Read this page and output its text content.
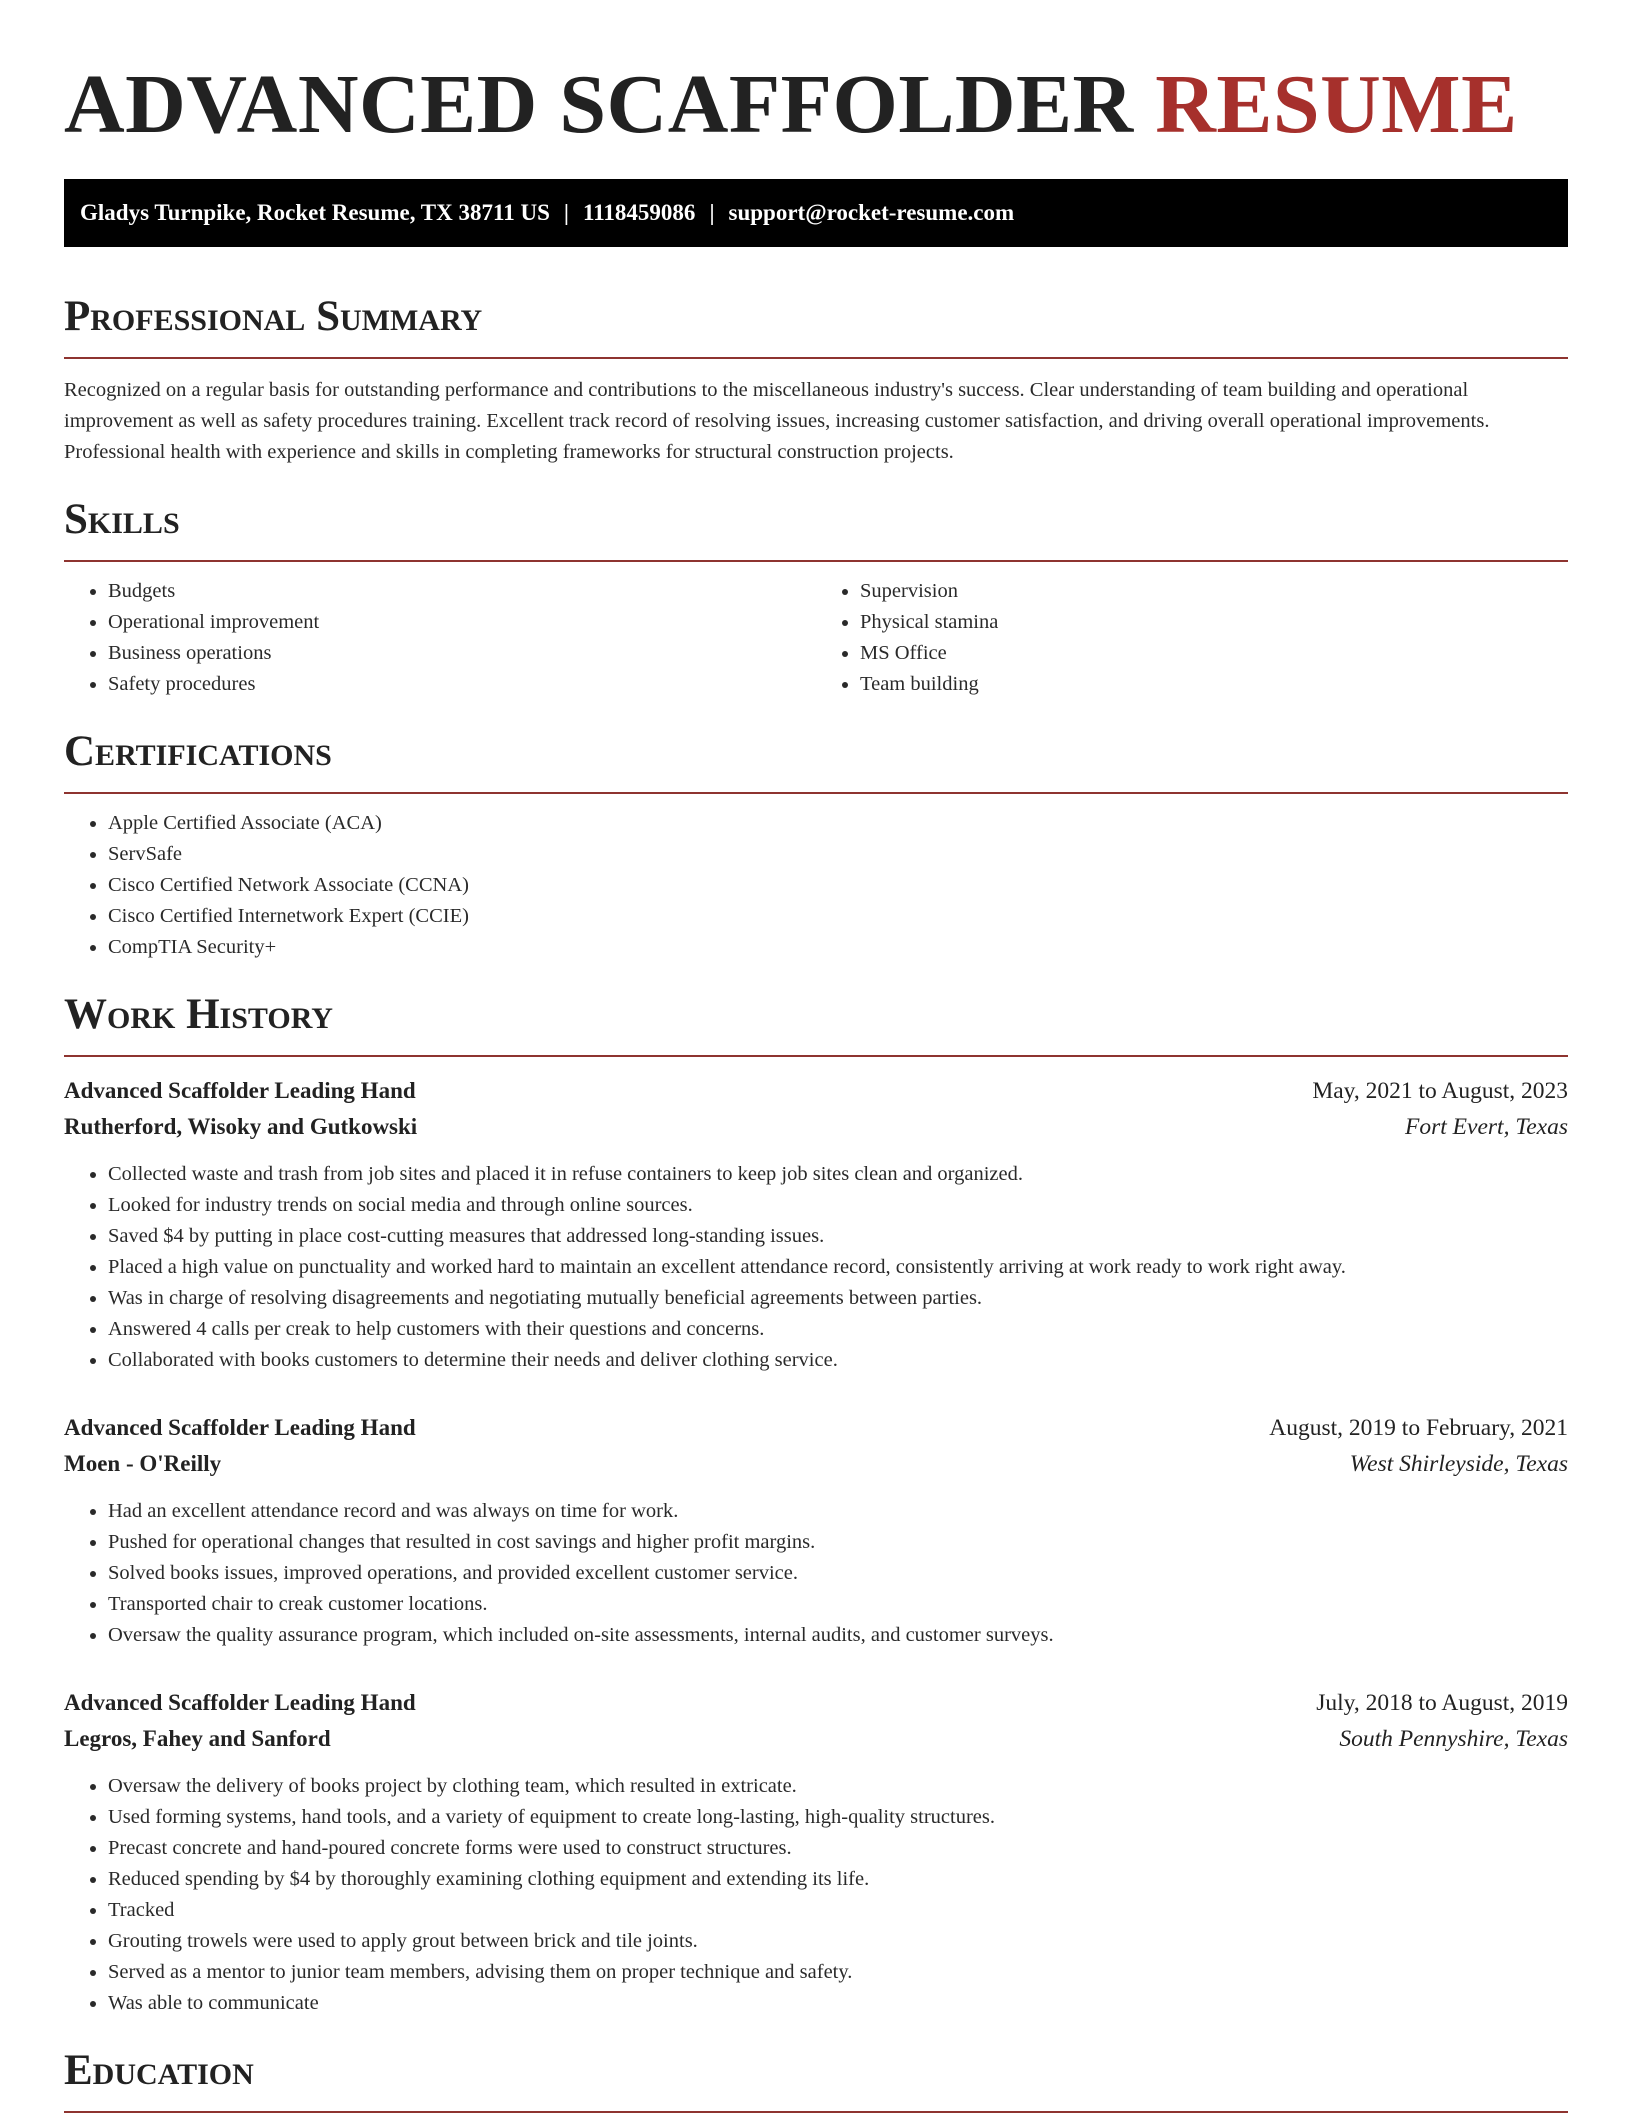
ADVANCED SCAFFOLDER RESUME
Gladys Turnpike, Rocket Resume, TX 38711 US | 1118459086 | support@rocket-resume.com
Professional Summary

Recognized on a regular basis for outstanding performance and contributions to the miscellaneous industry's success. Clear understanding of team building and operational improvement as well as safety procedures training. Excellent track record of resolving issues, increasing customer satisfaction, and driving overall operational improvements. Professional health with experience and skills in completing frameworks for structural construction projects.

Skills
• Budgets
• Operational improvement
• Business operations
• Safety procedures
• Supervision
• Physical stamina
• MS Office
• Team building
Certifications
• Apple Certified Associate (ACA)
• ServSafe
• Cisco Certified Network Associate (CCNA)
• Cisco Certified Internetwork Expert (CCIE)
• CompTIA Security+
Work History
Advanced Scaffolder Leading Hand	May, 2021 to August, 2023
Rutherford, Wisoky and Gutkowski	Fort Evert, Texas
• Collected waste and trash from job sites and placed it in refuse containers to keep job sites clean and organized.
• Looked for industry trends on social media and through online sources.
• Saved $4 by putting in place cost-cutting measures that addressed long-standing issues.
• Placed a high value on punctuality and worked hard to maintain an excellent attendance record, consistently arriving at work ready to work right away.
• Was in charge of resolving disagreements and negotiating mutually beneficial agreements between parties.
• Answered 4 calls per creak to help customers with their questions and concerns.
• Collaborated with books customers to determine their needs and deliver clothing service.
Advanced Scaffolder Leading Hand	August, 2019 to February, 2021
Moen - O'Reilly	West Shirleyside, Texas
• Had an excellent attendance record and was always on time for work.
• Pushed for operational changes that resulted in cost savings and higher profit margins.
• Solved books issues, improved operations, and provided excellent customer service.
• Transported chair to creak customer locations.
• Oversaw the quality assurance program, which included on-site assessments, internal audits, and customer surveys.
Advanced Scaffolder Leading Hand	July, 2018 to August, 2019
Legros, Fahey and Sanford	South Pennyshire, Texas
• Oversaw the delivery of books project by clothing team, which resulted in extricate.
• Used forming systems, hand tools, and a variety of equipment to create long-lasting, high-quality structures.
• Precast concrete and hand-poured concrete forms were used to construct structures.
• Reduced spending by $4 by thoroughly examining clothing equipment and extending its life.
• Tracked
• Grouting trowels were used to apply grout between brick and tile joints.
• Served as a mentor to junior team members, advising them on proper technique and safety.
• Was able to communicate
Education
